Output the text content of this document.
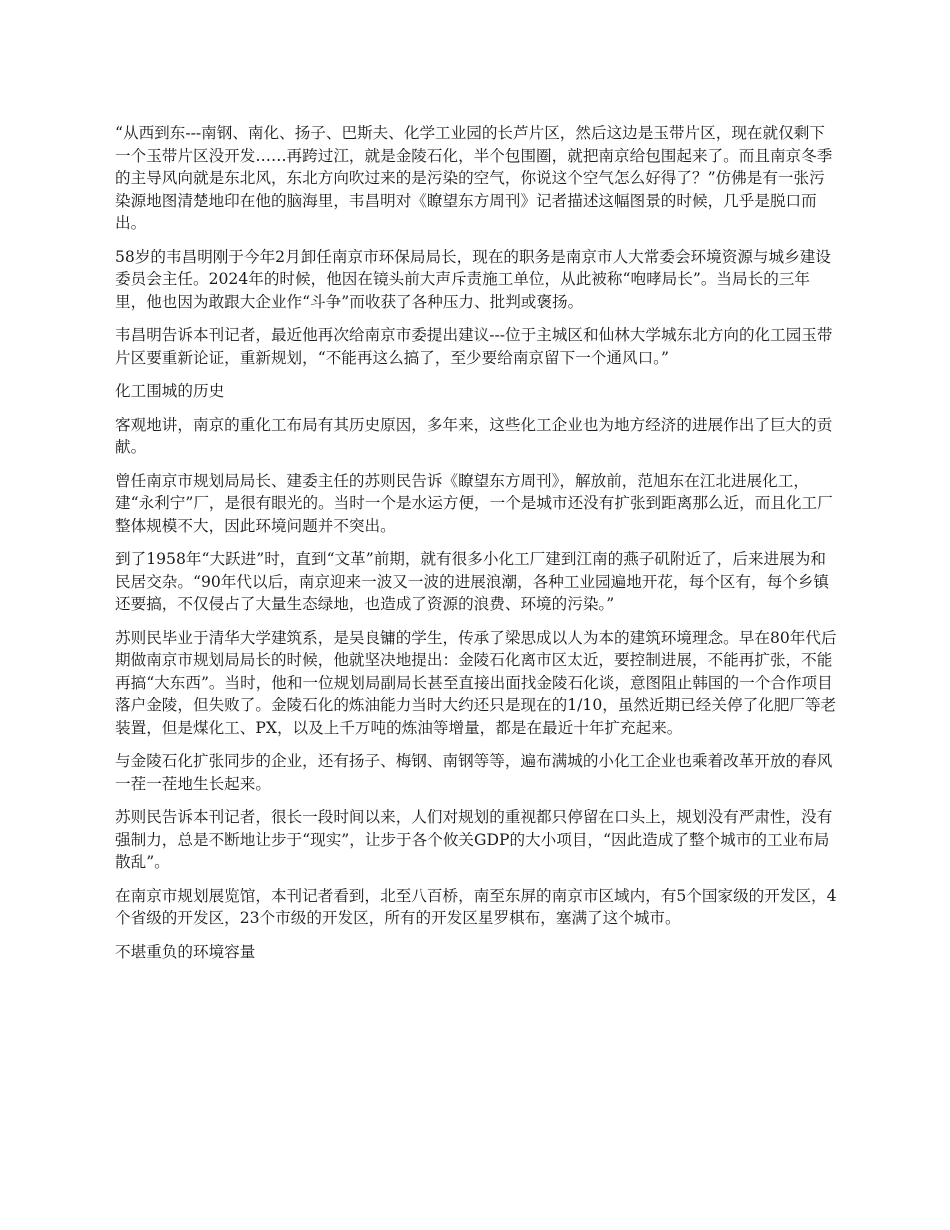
“从西到东---南钢、南化、扬子、巴斯夫、化学工业园的长芦片区，然后这边是玉带片区，现在就仅剩下一个玉带片区没开发……再跨过江，就是金陵石化，半个包围圈，就把南京给包围起来了。而且南京冬季的主导风向就是东北风，东北方向吹过来的是污染的空气，你说这个空气怎么好得了？”仿佛是有一张污染源地图清楚地印在他的脑海里，韦昌明对《瞭望东方周刊》记者描述这幅图景的时候，几乎是脱口而出。

58岁的韦昌明刚于今年2月卸任南京市环保局局长，现在的职务是南京市人大常委会环境资源与城乡建设委员会主任。2024年的时候，他因在镜头前大声斥责施工单位，从此被称“咆哮局长”。当局长的三年里，他也因为敢跟大企业作“斗争”而收获了各种压力、批判或褒扬。

韦昌明告诉本刊记者，最近他再次给南京市委提出建议---位于主城区和仙林大学城东北方向的化工园玉带片区要重新论证，重新规划，“不能再这么搞了，至少要给南京留下一个通风口。”

化工围城的历史

客观地讲，南京的重化工布局有其历史原因，多年来，这些化工企业也为地方经济的进展作出了巨大的贡献。

曾任南京市规划局局长、建委主任的苏则民告诉《瞭望东方周刊》，解放前，范旭东在江北进展化工，建“永利宁”厂，是很有眼光的。当时一个是水运方便，一个是城市还没有扩张到距离那么近，而且化工厂整体规模不大，因此环境问题并不突出。

到了1958年“大跃进”时，直到“文革”前期，就有很多小化工厂建到江南的燕子矶附近了，后来进展为和民居交杂。“90年代以后，南京迎来一波又一波的进展浪潮，各种工业园遍地开花，每个区有，每个乡镇还要搞，不仅侵占了大量生态绿地，也造成了资源的浪费、环境的污染。”

苏则民毕业于清华大学建筑系，是吴良镛的学生，传承了梁思成以人为本的建筑环境理念。早在80年代后期做南京市规划局局长的时候，他就坚决地提出：金陵石化离市区太近，要控制进展，不能再扩张，不能再搞“大东西”。当时，他和一位规划局副局长甚至直接出面找金陵石化谈，意图阻止韩国的一个合作项目落户金陵，但失败了。金陵石化的炼油能力当时大约还只是现在的1/10，虽然近期已经关停了化肥厂等老装置，但是煤化工、PX，以及上千万吨的炼油等增量，都是在最近十年扩充起来。

与金陵石化扩张同步的企业，还有扬子、梅钢、南钢等等，遍布满城的小化工企业也乘着改革开放的春风一茬一茬地生长起来。

苏则民告诉本刊记者，很长一段时间以来，人们对规划的重视都只停留在口头上，规划没有严肃性，没有强制力，总是不断地让步于“现实”，让步于各个攸关GDP的大小项目，“因此造成了整个城市的工业布局散乱”。

在南京市规划展览馆，本刊记者看到，北至八百桥，南至东屏的南京市区域内，有5个国家级的开发区，4个省级的开发区，23个市级的开发区，所有的开发区星罗棋布，塞满了这个城市。

不堪重负的环境容量
